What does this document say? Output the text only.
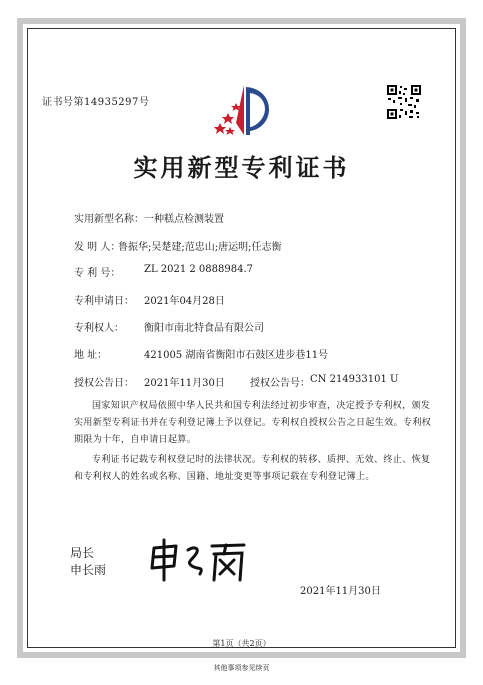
证书号第14935297号
实用新型专利证书
实用新型名称： 一种糕点检测装置
发 明 人：
鲁振华;吴楚建;范忠山;唐运明;任志衡
专 利 号： ZL 2021 2 0888984.7
专利申请日： 2021年04月28日
专利权人： 衡阳市南北特食品有限公司
地 址：	421005 湖南省衡阳市石鼓区进步巷11号
授权公告日： 2021年11月30日	授权公告号： CN 214933101 U
国家知识产权局依照中华人民共和国专利法经过初步审查，决定授予专利权，颁发实用新型专利证书并在专利登记簿上予以登记。专利权自授权公告之日起生效。专利权期限为十年，自申请日起算。
专利证书记载专利权登记时的法律状况。专利权的转移、质押、无效、终止、恢复和专利权人的姓名或名称、国籍、地址变更等事项记载在专利登记簿上。
局长
申长雨
2021年11月30日
第1页（共2页）
其他事项参见续页
